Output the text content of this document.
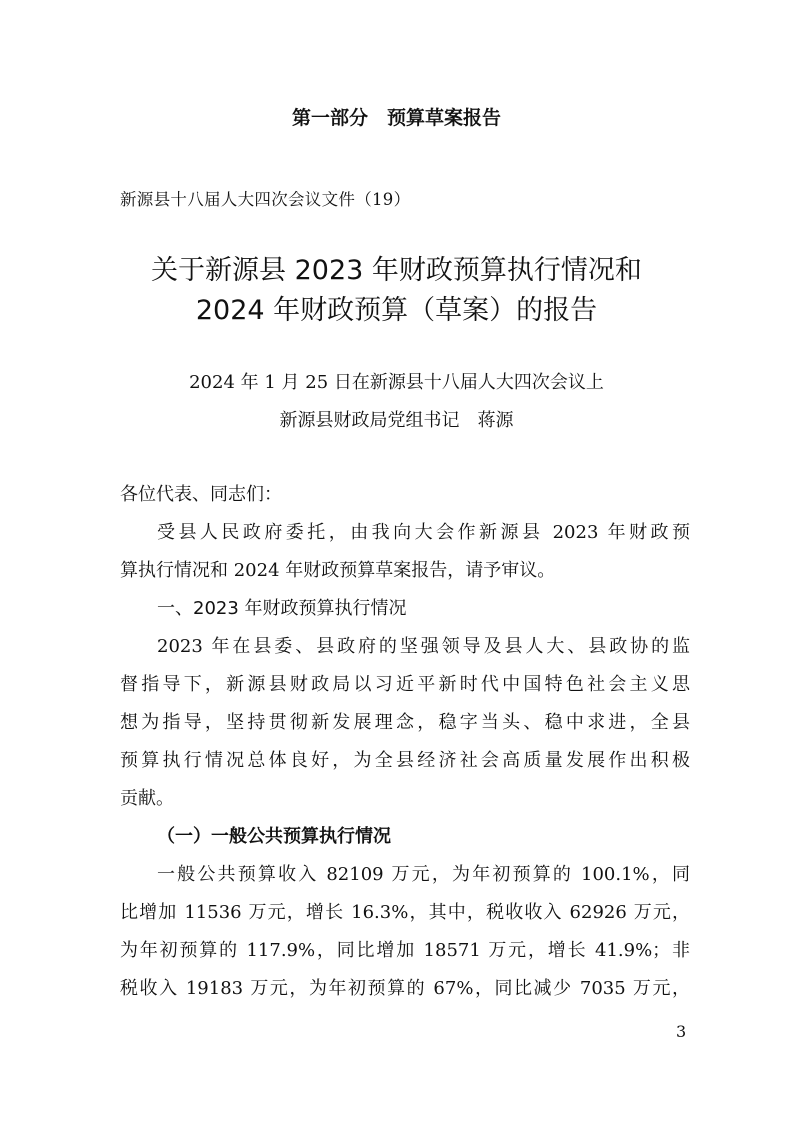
第一部分　预算草案报告
新源县十八届人大四次会议文件（19）
关于新源县 2023 年财政预算执行情况和
2024 年财政预算（草案）的报告
2024 年 1 月 25 日在新源县十八届人大四次会议上
新源县财政局党组书记　蒋源
各位代表、同志们：
受县人民政府委托，由我向大会作新源县 2023 年财政预
算执行情况和 2024 年财政预算草案报告，请予审议。
一、2023 年财政预算执行情况
2023 年在县委、县政府的坚强领导及县人大、县政协的监
督指导下，新源县财政局以习近平新时代中国特色社会主义思
想为指导，坚持贯彻新发展理念，稳字当头、稳中求进，全县
预算执行情况总体良好，为全县经济社会高质量发展作出积极
贡献。
（一）一般公共预算执行情况
一般公共预算收入 82109 万元，为年初预算的 100.1%，同
比增加 11536 万元，增长 16.3%，其中，税收收入 62926 万元，
为年初预算的 117.9%，同比增加 18571 万元，增长 41.9%；非
税收入 19183 万元，为年初预算的 67%，同比减少 7035 万元，
3
